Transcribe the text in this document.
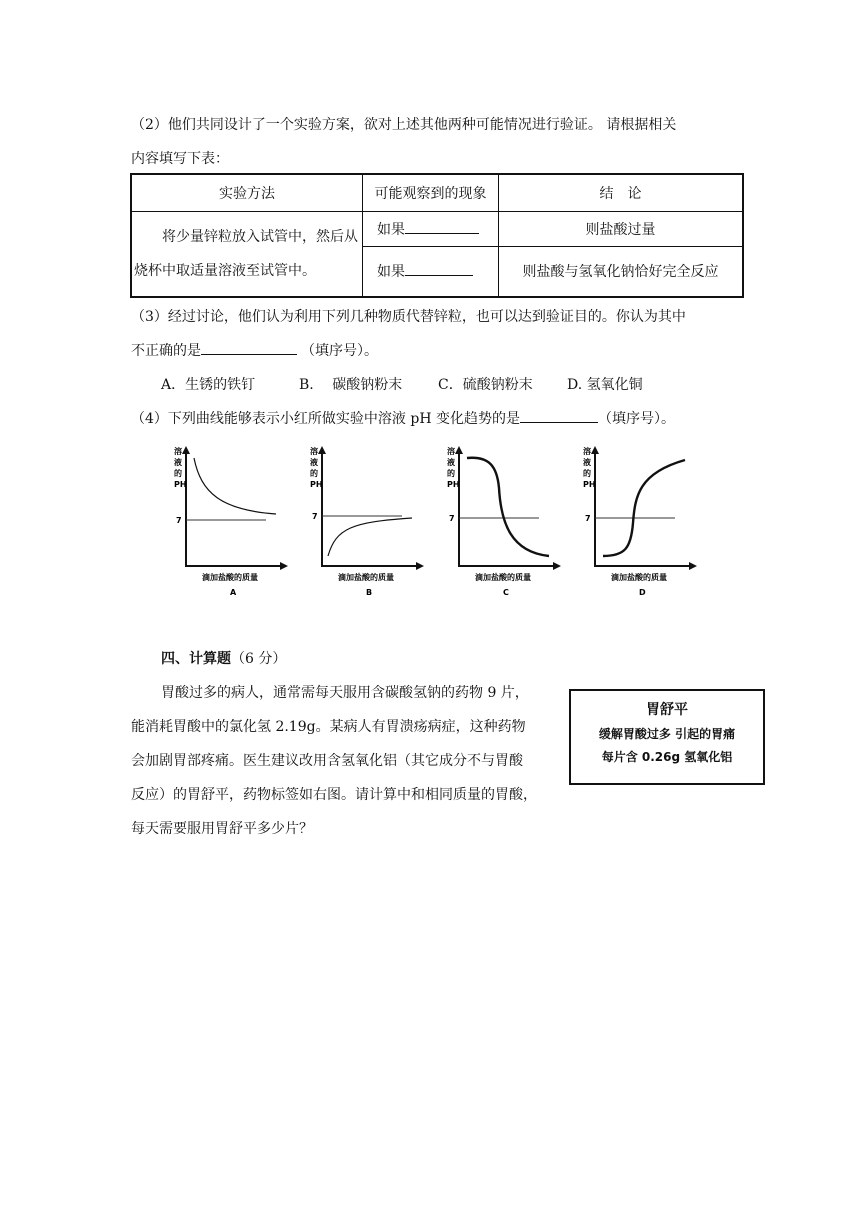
（2）他们共同设计了一个实验方案，欲对上述其他两种可能情况进行验证。 请根据相关
内容填写下表：
实验方法	可能观察到的现象	结　论

将少量锌粒放入试管中，然后从烧杯中取适量溶液至试管中。	如果	则盐酸过量
	如果	则盐酸与氢氧化钠恰好完全反应
（3）经过讨论，他们认为利用下列几种物质代替锌粒，也可以达到验证目的。你认为其中
不正确的是	（填序号）。
A．生锈的铁钉	B.　 碳酸钠粉末	C．硫酸钠粉末 D. 氢氧化铜
（4）下列曲线能够表示小红所做实验中溶液 pH 变化趋势的是	（填序号）。
溶
液
的
PH
7
滴加盐酸的质量
A
溶
液
的
PH
7
滴加盐酸的质量
B
溶
液
的
PH
7
滴加盐酸的质量
C
溶
液
的
PH
7
滴加盐酸的质量
D
四、计算题（6 分）
胃酸过多的病人，通常需每天服用含碳酸氢钠的药物 9 片，
能消耗胃酸中的氯化氢 2.19g。某病人有胃溃疡病症，这种药物
会加剧胃部疼痛。医生建议改用含氢氧化铝（其它成分不与胃酸
反应）的胃舒平，药物标签如右图。请计算中和相同质量的胃酸，
每天需要服用胃舒平多少片？
胃舒平
缓解胃酸过多 引起的胃痛
每片含 0.26g 氢氧化铝
